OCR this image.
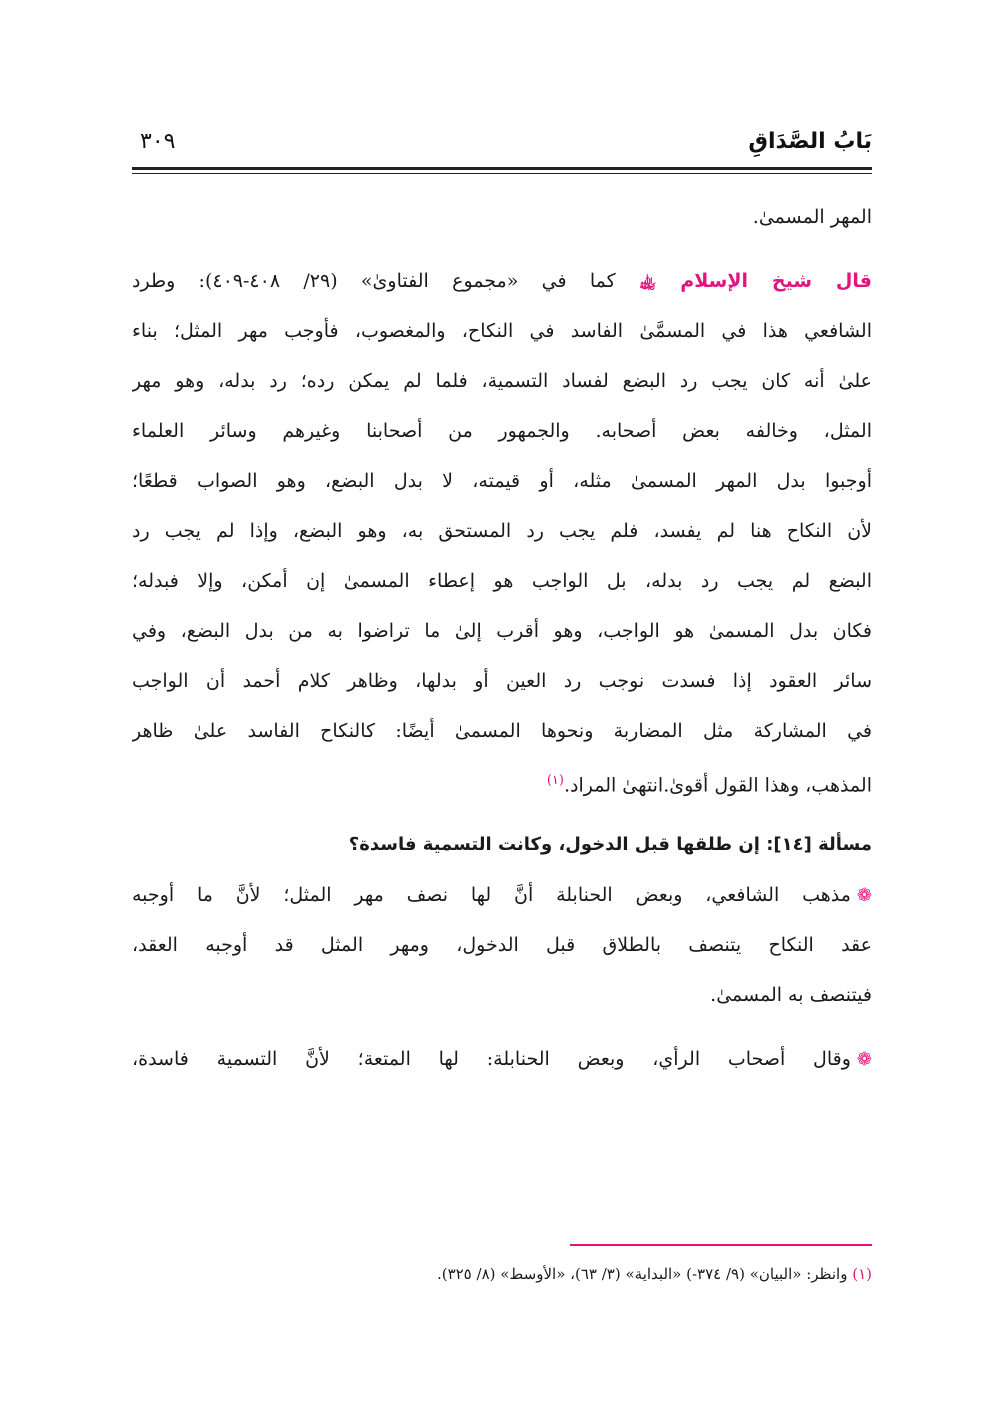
بَابُ الصَّدَاقِ
٣٠٩
المهر المسمىٰ.
قال شيخ الإسلام ﵀ كما في «مجموع الفتاوىٰ» (٢٩/ ٤٠٨-٤٠٩): وطرد
الشافعي هذا في المسمَّىٰ الفاسد في النكاح، والمغصوب، فأوجب مهر المثل؛ بناء
علىٰ أنه كان يجب رد البضع لفساد التسمية، فلما لم يمكن رده؛ رد بدله، وهو مهر
المثل، وخالفه بعض أصحابه. والجمهور من أصحابنا وغيرهم وسائر العلماء
أوجبوا بدل المهر المسمىٰ مثله، أو قيمته، لا بدل البضع، وهو الصواب قطعًا؛
لأن النكاح هنا لم يفسد، فلم يجب رد المستحق به، وهو البضع، وإذا لم يجب رد
البضع لم يجب رد بدله، بل الواجب هو إعطاء المسمىٰ إن أمكن، وإلا فبدله؛
فكان بدل المسمىٰ هو الواجب، وهو أقرب إلىٰ ما تراضوا به من بدل البضع، وفي
سائر العقود إذا فسدت نوجب رد العين أو بدلها، وظاهر كلام أحمد أن الواجب
في المشاركة مثل المضاربة ونحوها المسمىٰ أيضًا: كالنكاح الفاسد علىٰ ظاهر
المذهب، وهذا القول أقوىٰ.انتهىٰ المراد.$^{(١)}$
مسألة [١٤]: إن طلقها قبل الدخول، وكانت التسمية فاسدة؟
❁مذهب الشافعي، وبعض الحنابلة أنَّ لها نصف مهر المثل؛ لأنَّ ما أوجبه
عقد النكاح يتنصف بالطلاق قبل الدخول، ومهر المثل قد أوجبه العقد،
فيتنصف به المسمىٰ.
❁وقال أصحاب الرأي، وبعض الحنابلة: لها المتعة؛ لأنَّ التسمية فاسدة،
(١) وانظر: «البيان» (٩/ ٣٧٤-) «البداية» (٣/ ٦٣)، «الأوسط» (٨/ ٣٢٥).
